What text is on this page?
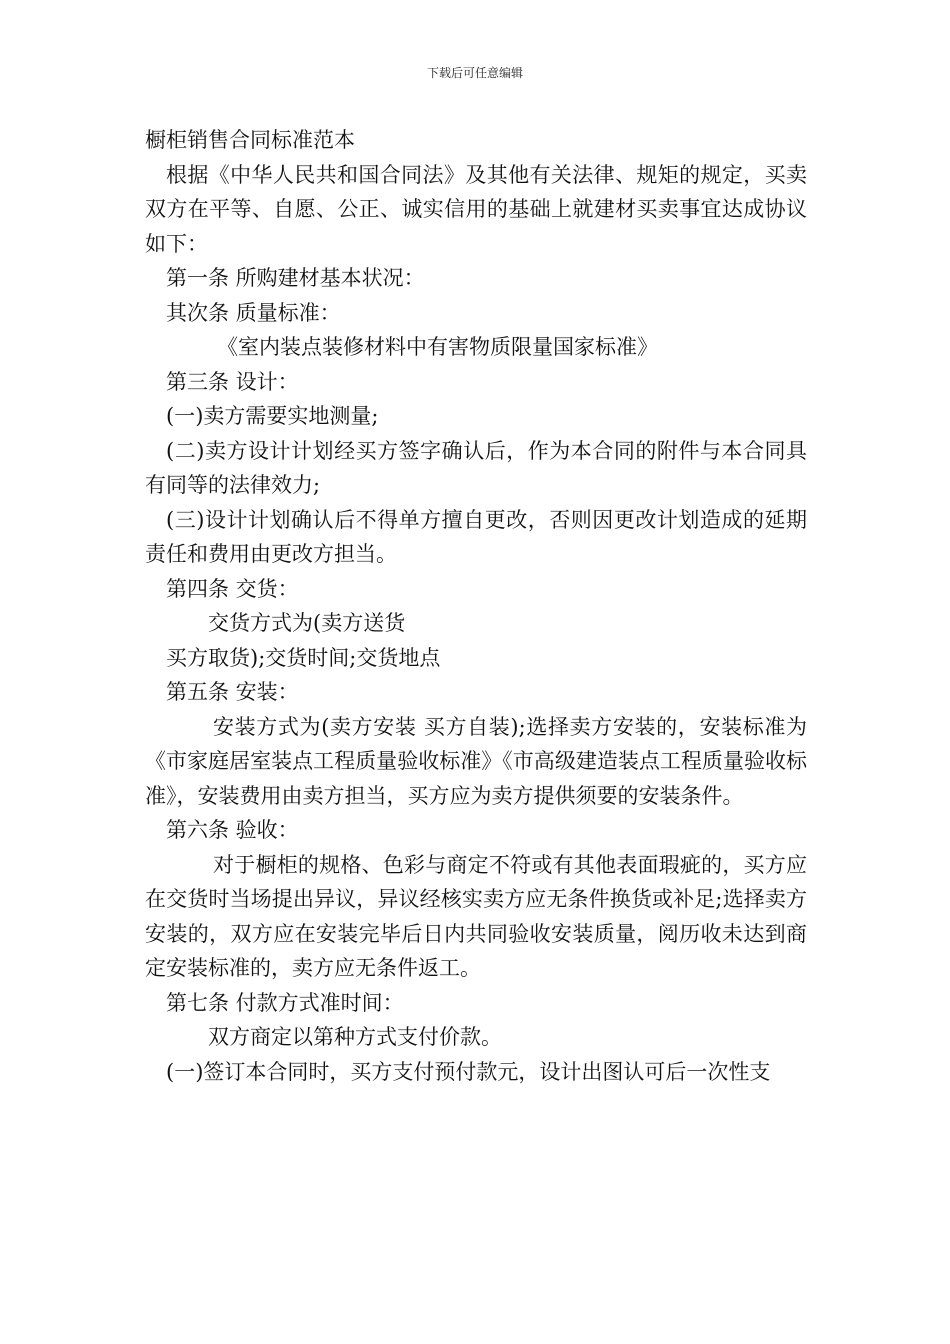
下载后可任意编辑

橱柜销售合同标准范本

根据《中华人民共和国合同法》及其他有关法律、规矩的规定，买卖双方在平等、自愿、公正、诚实信用的基础上就建材买卖事宜达成协议如下：

第一条 所购建材基本状况：

其次条 质量标准：

《室内装点装修材料中有害物质限量国家标准》

第三条 设计：

(一)卖方需要实地测量;

(二)卖方设计计划经买方签字确认后，作为本合同的附件与本合同具有同等的法律效力;

(三)设计计划确认后不得单方擅自更改，否则因更改计划造成的延期责任和费用由更改方担当。

第四条 交货：

交货方式为(卖方送货

买方取货);交货时间;交货地点

第五条 安装：

安装方式为(卖方安装 买方自装);选择卖方安装的，安装标准为《市家庭居室装点工程质量验收标准》《市高级建造装点工程质量验收标准》，安装费用由卖方担当，买方应为卖方提供须要的安装条件。

第六条 验收：

对于橱柜的规格、色彩与商定不符或有其他表面瑕疵的，买方应在交货时当场提出异议，异议经核实卖方应无条件换货或补足;选择卖方安装的，双方应在安装完毕后日内共同验收安装质量，阅历收未达到商定安装标准的，卖方应无条件返工。

第七条 付款方式准时间：

双方商定以第种方式支付价款。

(一)签订本合同时，买方支付预付款元，设计出图认可后一次性支
